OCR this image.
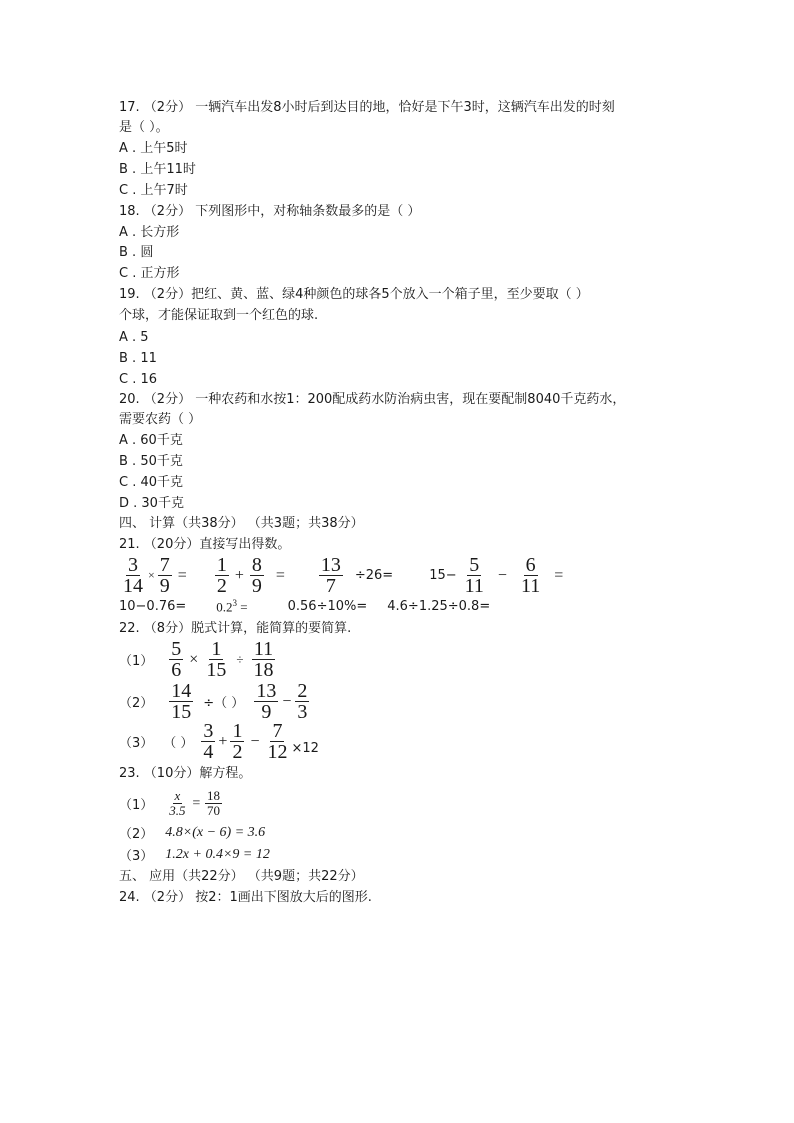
17. （2分） 一辆汽车出发8小时后到达目的地，恰好是下午3时，这辆汽车出发的时刻
是（ ）。
A . 上午5时
B . 上午11时
C . 上午7时
18. （2分） 下列图形中，对称轴条数最多的是（ ）
A . 长方形
B . 圆
C . 正方形
19. （2分）把红、黄、蓝、绿4种颜色的球各5个放入一个箱子里，至少要取（ ）
个球，才能保证取到一个红色的球.
A . 5
B . 11
C . 16
20. （2分） 一种农药和水按1：200配成药水防治病虫害，现在要配制8040千克药水，
需要农药（ ）
A . 60千克
B . 50千克
C . 40千克
D . 30千克
四、 计算（共38分） （共3题；共38分）
21. （20分）直接写出得数。
$\frac{3}{14} \times \frac{7}{9} = \frac{1}{2} + \frac{8}{9} = \frac{13}{7} \div 26=$	$15- \frac{5}{11} - \frac{6}{11}$ =
$10-0.76= 0.2^3$ =	0.56÷10%= 4.6÷1.25÷0.8=
22. （8分）脱式计算，能简算的要简算.
$(1) \frac{5}{6} \times \frac{1}{15} \div \frac{11}{18}$
$(2) \frac{14}{15}$ ÷（ ） $\frac{13}{9} - \frac{2}{3}$
（3） （ ） $\frac{3}{4} + \frac{1}{2} - \frac{7}{12} \times 12$
23. （10分）解方程。
$(1) \frac{x}{3.5} = \frac{18}{70}$
（2） 4.8×(x − 6) = 3.6
（3） 1.2x + 0.4×9 = 12
五、 应用（共22分） （共9题；共22分）
24. （2分） 按2：1画出下图放大后的图形.
